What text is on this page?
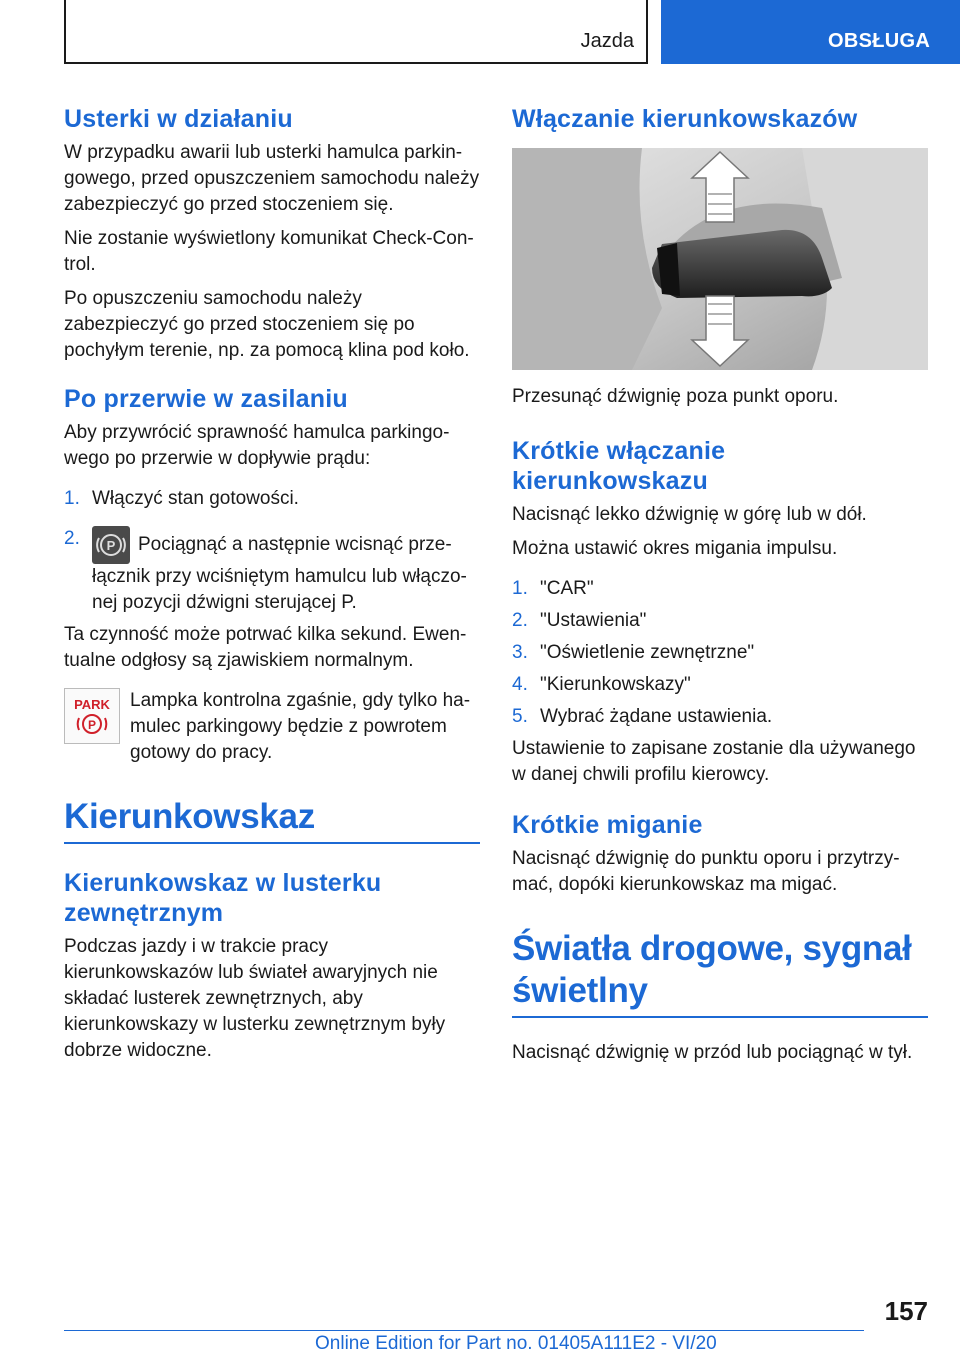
Jazda	OBSŁUGA
Usterki w działaniu

W przypadku awarii lub usterki hamulca parkingowego, przed opuszczeniem samochodu należy zabezpieczyć go przed stoczeniem się.

Nie zostanie wyświetlony komunikat Check-Control.

Po opuszczeniu samochodu należy zabezpieczyć go przed stoczeniem się po pochyłym terenie, np. za pomocą klina pod koło.

Po przerwie w zasilaniu

Aby przywrócić sprawność hamulca parkingowego po przerwie w dopływie prądu:

1. Włączyć stan gotowości.
2. P Pociągnąć a następnie wcisnąć przełącznik przy wciśniętym hamulcu lub włączonej pozycji dźwigni sterującej P.

Ta czynność może potrwać kilka sekund. Ewentualne odgłosy są zjawiskiem normalnym.

PARK
P

Lampka kontrolna zgaśnie, gdy tylko hamulec parkingowy będzie z powrotem gotowy do pracy.

Kierunkowskaz
Kierunkowskaz w lusterku zewnętrznym

Podczas jazdy i w trakcie pracy kierunkowskazów lub świateł awaryjnych nie składać lusterek zewnętrznych, aby kierunkowskazy w lusterku zewnętrznym były dobrze widoczne.

Włączanie kierunkowskazów

Przesunąć dźwignię poza punkt oporu.

Krótkie włączanie kierunkowskazu

Nacisnąć lekko dźwignię w górę lub w dół.

Można ustawić okres migania impulsu.

1. "CAR"
2. "Ustawienia"
3. "Oświetlenie zewnętrzne"
4. "Kierunkowskazy"
5. Wybrać żądane ustawienia.

Ustawienie to zapisane zostanie dla używanego w danej chwili profilu kierowcy.

Krótkie miganie

Nacisnąć dźwignię do punktu oporu i przytrzymać, dopóki kierunkowskaz ma migać.

Światła drogowe, sygnał świetlny

Nacisnąć dźwignię w przód lub pociągnąć w tył.

157
Online Edition for Part no. 01405A111E2 - VI/20
